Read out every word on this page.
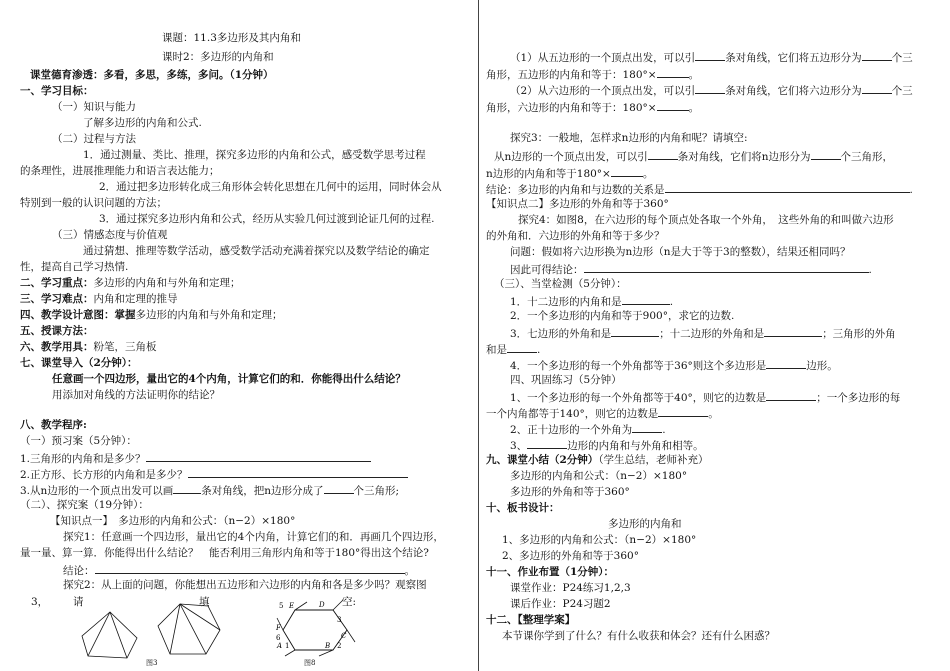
课题：11.3多边形及其内角和
课时2：多边形的内角和
课堂德育渗透：多看，多思，多练，多问。（1分钟）
一、学习目标：
（一）知识与能力
了解多边形的内角和公式.
（二）过程与方法
1．通过测量、类比、推理，探究多边形的内角和公式，感受数学思考过程
的条理性，进展推理能力和语言表达能力；
2．通过把多边形转化成三角形体会转化思想在几何中的运用，同时体会从
特别到一般的认识问题的方法；
3．通过探究多边形内角和公式，经历从实验几何过渡到论证几何的过程.
（三）情感态度与价值观
通过猜想、推理等数学活动，感受数学活动充满着探究以及数学结论的确定
性，提高自己学习热情.
二、学习重点：多边形的内角和与外角和定理；
三、学习难点：内角和定理的推导
四、教学设计意图：掌握多边形的内角和与外角和定理；
五、授课方法：
六、教学用具：粉笔，三角板
七、课堂导入（2分钟）：
任意画一个四边形，量出它的4个内角，计算它们的和．你能得出什么结论？
用添加对角线的方法证明你的结论？
八、教学程序:
（一）预习案（5分钟）：
1.三角形的内角和是多少？
2.正方形、长方形的内角和是多少？
3.从n边形的一个顶点出发可以画	条对角线，把n边形分成了	个三角形;
（二）、探究案（19分钟）：
【知识点一】　多边形的内角和公式：（n−2）×180°
探究1：任意画一个四边形，量出它的4个内角，计算它们的和．再画几个四边形，
量一量、算一算．你能得出什么结论？　能否利用三角形内角和等于180°得出这个结论?
结论：	。
探究2：从上面的问题，你能想出五边形和六边形的内角和各是多少吗？观察图
3， 请	填	空:
图3
5 E	D
3
C
F
6
A 1	B 2
图8
（1）从五边形的一个顶点出发，可以引	条对角线，它们将五边形分为	个三
角形，五边形的内角和等于：180°×	。
（2）从六边形的一个顶点出发，可以引	条对角线，它们将六边形分为	个三
角形，六边形的内角和等于：180°×	。
探究3：一般地，怎样求n边形的内角和呢？请填空:
从n边形的一个顶点出发，可以引	条对角线，它们将n边形分为	个三角形，
n边形的内角和等于180°×	。
结论：多边形的内角和与边数的关系是	.
【知识点二】多边形的外角和等于360°
探究4：如图8，在六边形的每个顶点处各取一个外角，　这些外角的和叫做六边形
的外角和．六边形的外角和等于多少？
问题：假如将六边形换为n边形（n是大于等于3的整数），结果还相同吗？
因此可得结论：	.
（三）、当堂检测（5分钟）：
1．十二边形的内角和是	.
2．一个多边形的内角和等于900°，求它的边数.
3．七边形的外角和是	；十二边形的外角和是	；三角形的外角
和是	.
4．一个多边形的每一个外角都等于36°则这个多边形是	边形。
四、巩固练习（5分钟）
1、一个多边形的每一个外角都等于40°，则它的边数是	；一个多边形的每
一个内角都等于140°，则它的边数是	。
2、正十边形的一个外角为	.
3、	边形的内角和与外角和相等。
九、课堂小结（2分钟）（学生总结，老师补充）
多边形的内角和公式：（n−2）×180°
多边形的外角和等于360°
十、板书设计：
多边形的内角和
1、多边形的内角和公式：（n−2）×180°
2、多边形的外角和等于360°
十一、作业布置（1分钟）：
课堂作业：P24练习1,2,3
课后作业：P24习题2
十二、【整理学案】
本节课你学到了什么？有什么收获和体会？还有什么困惑？
